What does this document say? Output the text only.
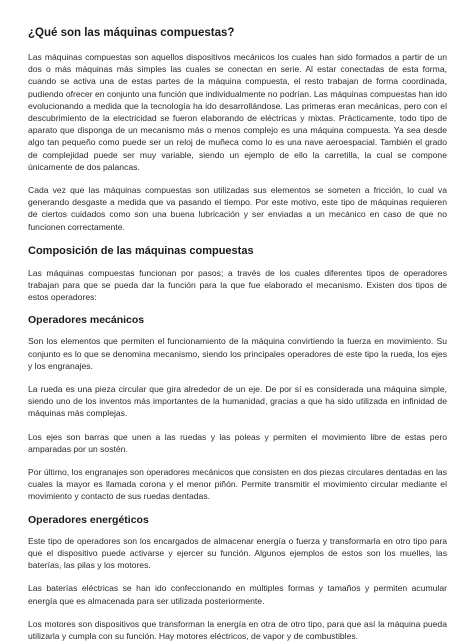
¿Qué son las máquinas compuestas?

Las máquinas compuestas son aquellos dispositivos mecánicos los cuales han sido formados a partir de un dos o más máquinas más simples las cuales se conectan en serie. Al estar conectadas de esta forma, cuando se activa una de estas partes de la máquina compuesta, el resto trabajan de forma coordinada, pudiendo ofrecer en conjunto una función que individualmente no podrían. Las máquinas compuestas han ido evolucionando a medida que la tecnología ha ido desarrollándose. Las primeras eran mecánicas, pero con el descubrimiento de la electricidad se fueron elaborando de eléctricas y mixtas. Prácticamente, todo tipo de aparato que disponga de un mecanismo más o menos complejo es una máquina compuesta. Ya sea desde algo tan pequeño como puede ser un reloj de muñeca como lo es una nave aeroespacial. También el grado de complejidad puede ser muy variable, siendo un ejemplo de ello la carretilla, la cual se compone únicamente de dos palancas.

Cada vez que las máquinas compuestas son utilizadas sus elementos se someten a fricción, lo cual va generando desgaste a medida que va pasando el tiempo. Por este motivo, este tipo de máquinas requieren de ciertos cuidados como son una buena lubricación y ser enviadas a un mecánico en caso de que no funcionen correctamente.

Composición de las máquinas compuestas

Las máquinas compuestas funcionan por pasos; a través de los cuales diferentes tipos de operadores trabajan para que se pueda dar la función para la que fue elaborado el mecanismo. Existen dos tipos de estos operadores:

Operadores mecánicos

Son los elementos que permiten el funcionamiento de la máquina convirtiendo la fuerza en movimiento. Su conjunto es lo que se denomina mecanismo, siendo los principales operadores de este tipo la rueda, los ejes y los engranajes.

La rueda es una pieza circular que gira alrededor de un eje. De por sí es considerada una máquina simple, siendo uno de los inventos más importantes de la humanidad, gracias a que ha sido utilizada en infinidad de máquinas más complejas.

Los ejes son barras que unen a las ruedas y las poleas y permiten el movimiento libre de estas pero amparadas por un sostén.

Por último, los engranajes son operadores mecánicos que consisten en dos piezas circulares dentadas en las cuales la mayor es llamada corona y el menor piñón. Permite transmitir el movimiento circular mediante el movimiento y contacto de sus ruedas dentadas.

Operadores energéticos

Este tipo de operadores son los encargados de almacenar energía o fuerza y transformarla en otro tipo para que el dispositivo puede activarse y ejercer su función. Algunos ejemplos de estos son los muelles, las baterías, las pilas y los motores.

Las baterías eléctricas se han ido confeccionando en múltiples formas y tamaños y permiten acumular energía que es almacenada para ser utilizada posteriormente.

Los motores son dispositivos que transforman la energía en otra de otro tipo, para que así la máquina pueda utilizarla y cumpla con su función. Hay motores eléctricos, de vapor y de combustibles.
